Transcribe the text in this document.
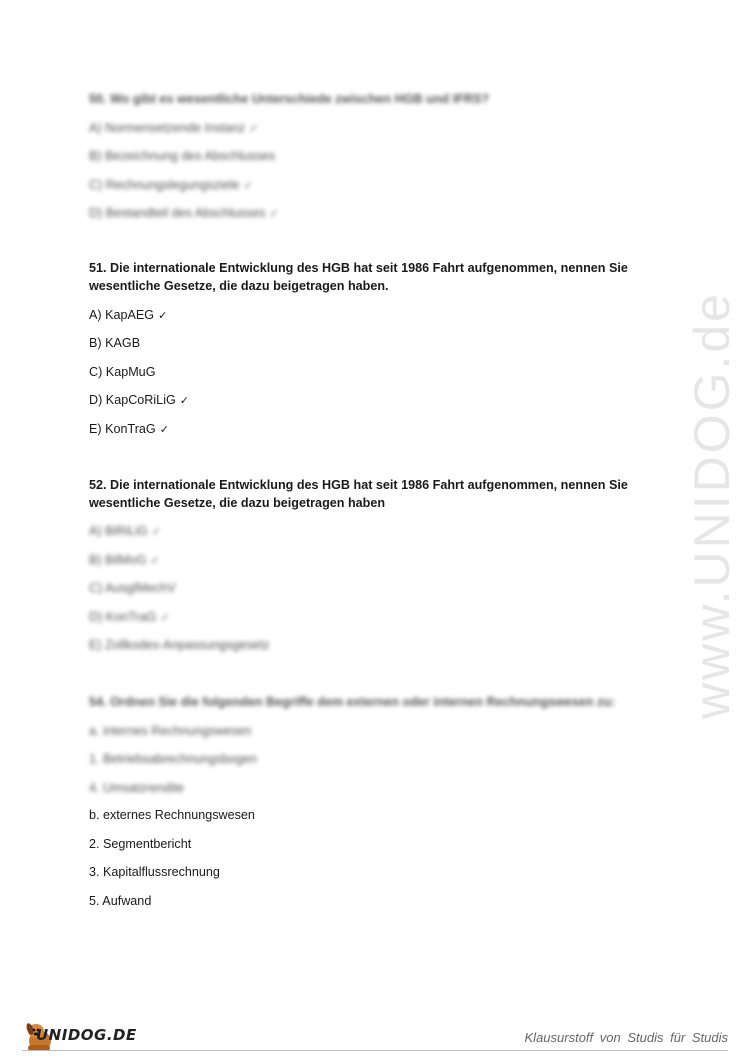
www.UNIDOG.de

50. Wo gibt es wesentliche Unterschiede zwischen HGB und IFRS?

A) Normensetzende Instanz ✓
B) Bezeichnung des Abschlusses
C) Rechnungslegungsziele ✓
D) Bestandteil des Abschlusses ✓

51. Die internationale Entwicklung des HGB hat seit 1986 Fahrt aufgenommen, nennen Sie wesentliche Gesetze, die dazu beigetragen haben.

A) KapAEG ✓
B) KAGB
C) KapMuG
D) KapCoRiLiG ✓
E) KonTraG ✓

52. Die internationale Entwicklung des HGB hat seit 1986 Fahrt aufgenommen, nennen Sie wesentliche Gesetze, die dazu beigetragen haben

A) BiRiLiG ✓
B) BilMoG ✓
C) AusglMechV
D) KonTraG ✓
E) Zollkodex-Anpassungsgesetz

54. Ordnen Sie die folgenden Begriffe dem externen oder internen Rechnungswesen zu:

a. internes Rechnungswesen
1. Betriebsabrechnungsbogen
4. Umsatzrendite
b. externes Rechnungswesen
2. Segmentbericht
3. Kapitalflussrechnung
5. Aufwand
UNIDOG.DE	Klausurstoff von Studis für Studis
